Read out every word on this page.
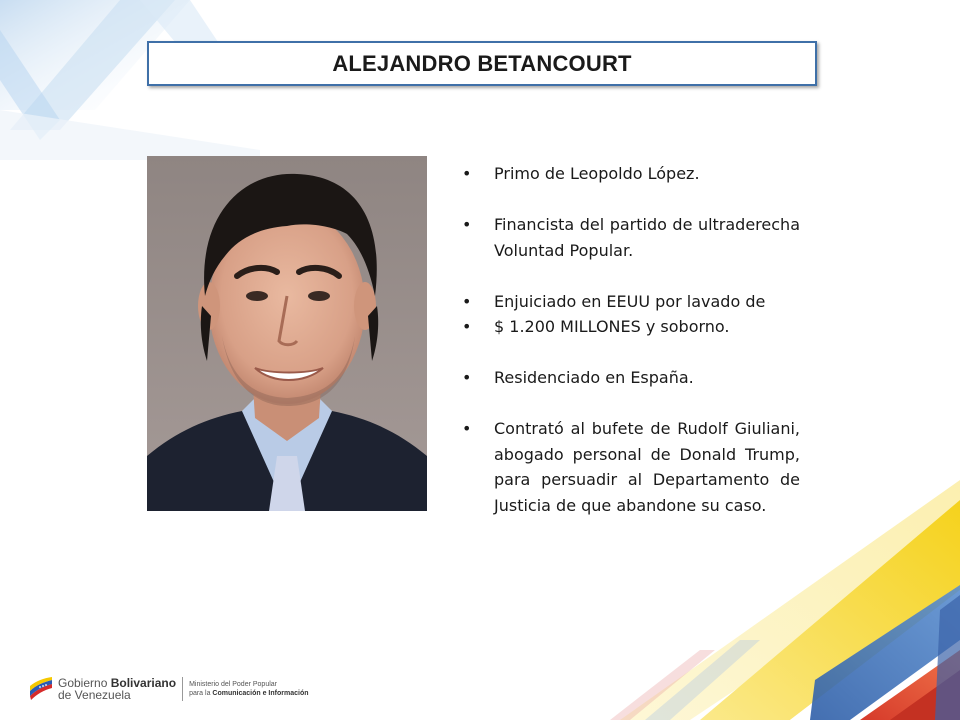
ALEJANDRO BETANCOURT
•	Primo de Leopoldo López.
•	Financista del partido de ultraderecha Voluntad Popular.
•	Enjuiciado en EEUU por lavado de
•	$ 1.200 MILLONES y soborno.
•	Residenciado en España.
•	Contrató al bufete de Rudolf Giuliani, abogado personal de Donald Trump, para persuadir al Departamento de Justicia de que abandone su caso.
Gobierno Bolivariano
de Venezuela
Ministerio del Poder Popular
para la Comunicación e Información
